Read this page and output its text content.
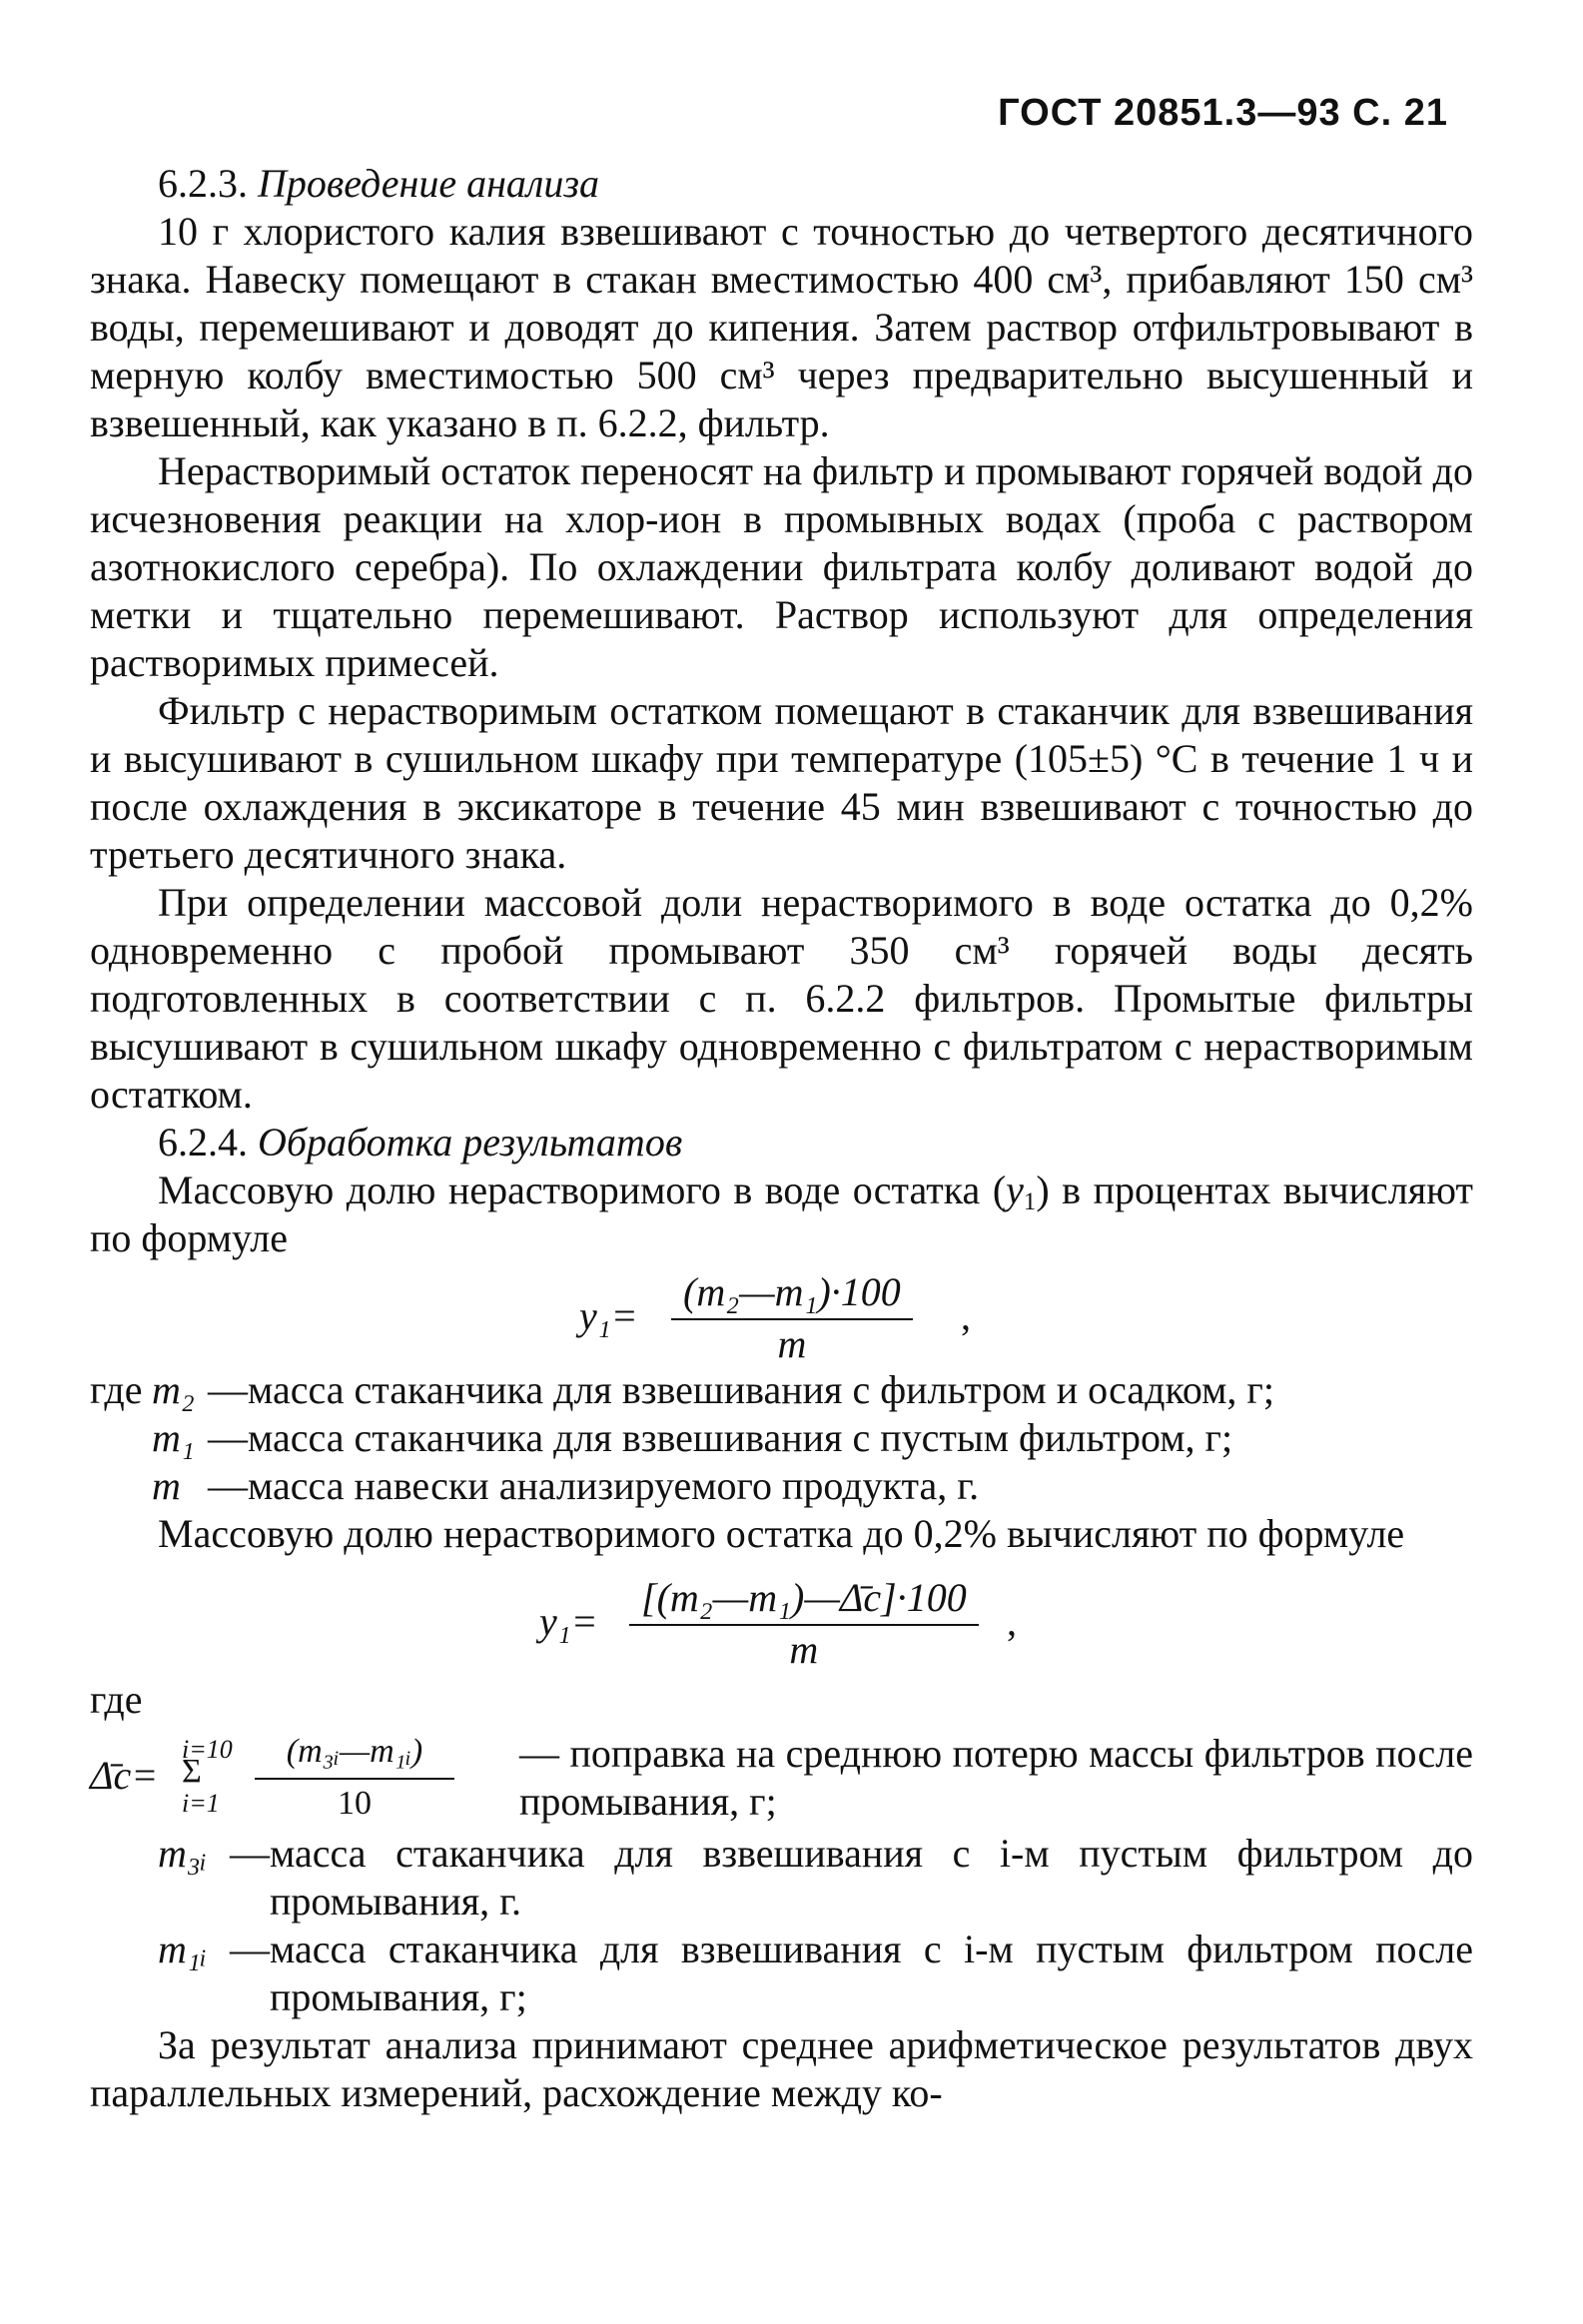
ГОСТ 20851.3—93 С. 21

6.2.3. Проведение анализа

10 г хлористого калия взвешивают с точностью до четвертого десятичного знака. Навеску помещают в стакан вместимостью 400 см³, прибавляют 150 см³ воды, перемешивают и доводят до кипения. Затем раствор отфильтровывают в мерную колбу вместимостью 500 см³ через предварительно высушенный и взвешенный, как указано в п. 6.2.2, фильтр.

Нерастворимый остаток переносят на фильтр и промывают горячей водой до исчезновения реакции на хлор-ион в промывных водах (проба с раствором азотнокислого серебра). По охлаждении фильтрата колбу доливают водой до метки и тщательно перемешивают. Раствор используют для определения растворимых примесей.

Фильтр с нерастворимым остатком помещают в стаканчик для взвешивания и высушивают в сушильном шкафу при температуре (105±5) °С в течение 1 ч и после охлаждения в эксикаторе в течение 45 мин взвешивают с точностью до третьего десятичного знака.

При определении массовой доли нерастворимого в воде остатка до 0,2% одновременно с пробой промывают 350 см³ горячей воды десять подготовленных в соответствии с п. 6.2.2 фильтров. Промытые фильтры высушивают в сушильном шкафу одновременно с фильтратом с нерастворимым остатком.

6.2.4. Обработка результатов

Массовую долю нерастворимого в воде остатка $(y_1)$ в процентах вычисляют по формуле

$y_1= \frac{\text{(m₂—m₁)·100}}{m}$ ,
где m₂ — масса стаканчика для взвешивания с фильтром и осадком, г;
m₁ — масса стаканчика для взвешивания с пустым фильтром, г;
m — масса навески анализируемого продукта, г.

Массовую долю нерастворимого остатка до 0,2% вычисляют по формуле

y₁=
[(m₂—m₁)—Δ̄с]·100
m
,

где

Δ̄с=
i=10
Σ
$i=1 \frac{\text{(m₃ᵢ—m₁ᵢ)}}{10}$ — поправка на среднюю потерю массы фильтров после промывания, г;
m₃ᵢ — масса стаканчика для взвешивания с i-м пустым фильтром до промывания, г.
m₁ᵢ — масса стаканчика для взвешивания с i-м пустым фильтром после промывания, г;

За результат анализа принимают среднее арифметическое результатов двух параллельных измерений, расхождение между ко-
